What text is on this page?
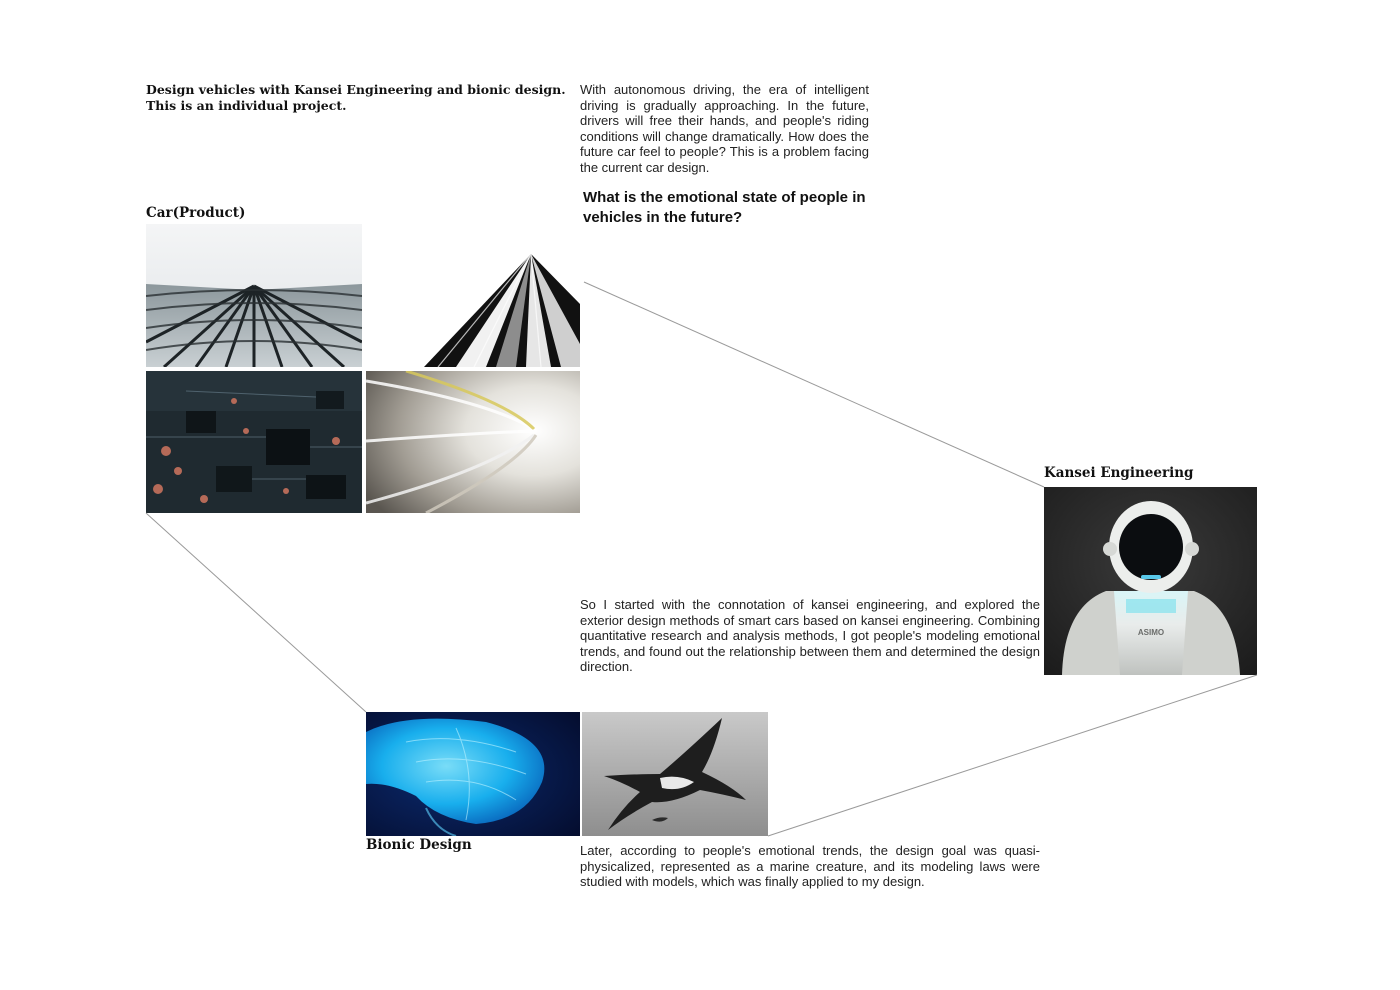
Design vehicles with Kansei Engineering and bionic design.
This is an individual project.
With autonomous driving, the era of intelligent driving is gradually approaching. In the future, drivers will free their hands, and people's riding conditions will change dramatically. How does the future car feel to people? This is a problem facing the current car design.
What is the emotional state of people in vehicles in the future?
Car(Product)
Kansei Engineering
ASIMO
So I started with the connotation of kansei engineering, and explored the exterior design methods of smart cars based on kansei engineering. Combining quantitative research and analysis methods, I got people's modeling emotional trends, and found out the relationship between them and determined the design direction.
Bionic Design	Later, according to people's emotional trends, the design goal was quasi-physicalized, represented as a marine creature, and its modeling laws were studied with models, which was finally applied to my design.
